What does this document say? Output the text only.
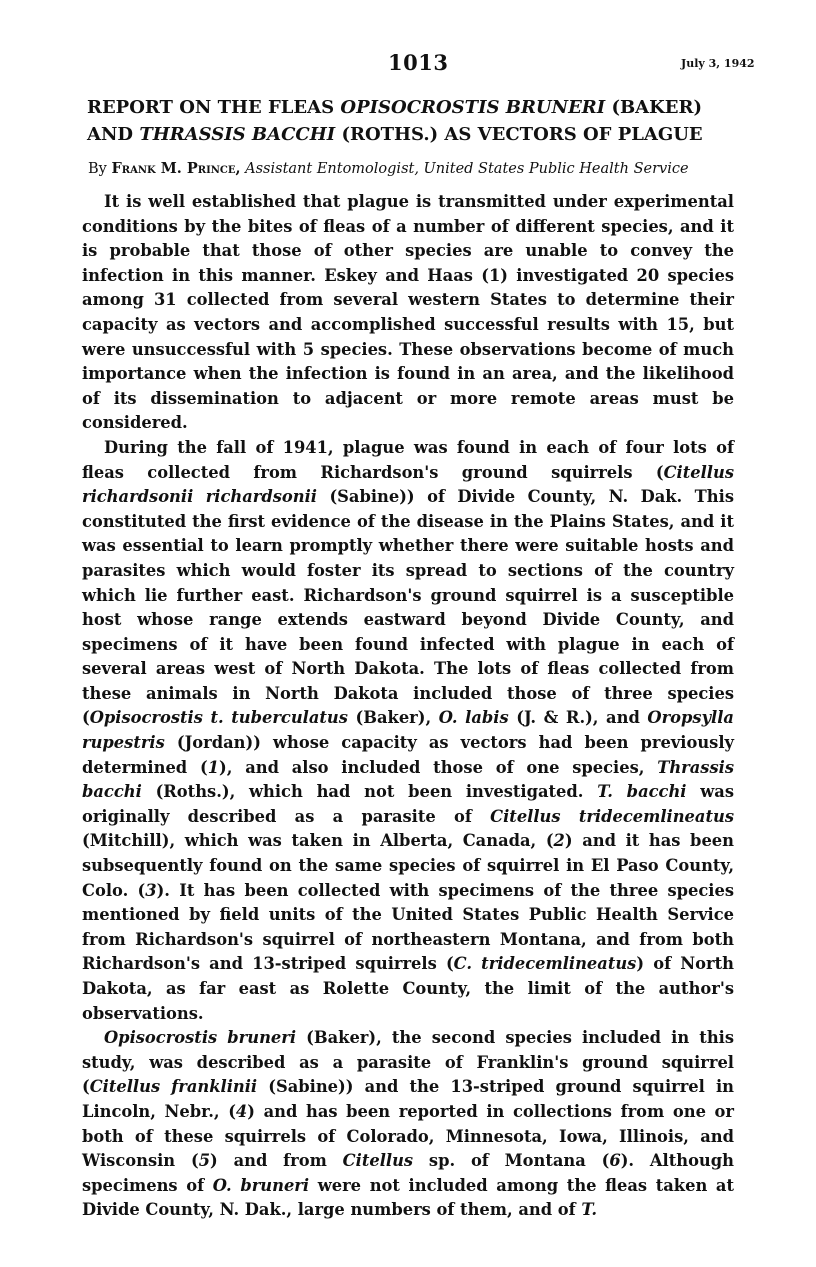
1013	July 3, 1942
REPORT ON THE FLEAS OPISOCROSTIS BRUNERI (BAKER)
AND THRASSIS BACCHI (ROTHS.) AS VECTORS OF PLAGUE
By Frank M. Prince, Assistant Entomologist, United States Public Health Service

It is well established that plague is transmitted under experimental conditions by the bites of fleas of a number of different species, and it is probable that those of other species are unable to convey the infection in this manner. Eskey and Haas (1) investigated 20 species among 31 collected from several western States to determine their capacity as vectors and accomplished successful results with 15, but were unsuccessful with 5 species. These observations become of much importance when the infection is found in an area, and the likelihood of its dissemination to adjacent or more remote areas must be considered.

During the fall of 1941, plague was found in each of four lots of fleas collected from Richardson's ground squirrels (Citellus richardsonii richardsonii (Sabine)) of Divide County, N. Dak. This constituted the first evidence of the disease in the Plains States, and it was essential to learn promptly whether there were suitable hosts and parasites which would foster its spread to sections of the country which lie further east. Richardson's ground squirrel is a susceptible host whose range extends eastward beyond Divide County, and specimens of it have been found infected with plague in each of several areas west of North Dakota. The lots of fleas collected from these animals in North Dakota included those of three species (Opisocrostis t. tuberculatus (Baker), O. labis (J. & R.), and Oropsylla rupestris (Jordan)) whose capacity as vectors had been previously determined (1), and also included those of one species, Thrassis bacchi (Roths.), which had not been investigated. T. bacchi was originally described as a parasite of Citellus tridecemlineatus (Mitchill), which was taken in Alberta, Canada, (2) and it has been subsequently found on the same species of squirrel in El Paso County, Colo. (3). It has been collected with specimens of the three species mentioned by field units of the United States Public Health Service from Richardson's squirrel of northeastern Montana, and from both Richardson's and 13-striped squirrels (C. tridecemlineatus) of North Dakota, as far east as Rolette County, the limit of the author's observations.

Opisocrostis bruneri (Baker), the second species included in this study, was described as a parasite of Franklin's ground squirrel (Citellus franklinii (Sabine)) and the 13-striped ground squirrel in Lincoln, Nebr., (4) and has been reported in collections from one or both of these squirrels of Colorado, Minnesota, Iowa, Illinois, and Wisconsin (5) and from Citellus sp. of Montana (6). Although specimens of O. bruneri were not included among the fleas taken at Divide County, N. Dak., large numbers of them, and of T.
